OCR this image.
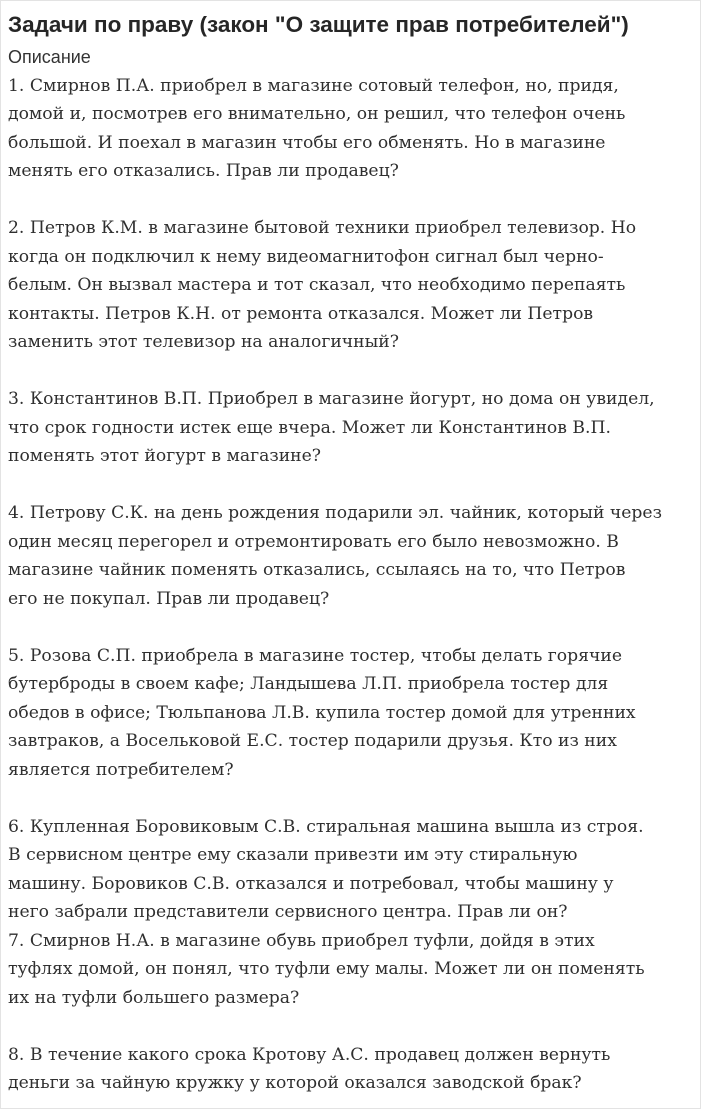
Задачи по праву (закон "О защите прав потребителей")
Описание
1. Смирнов П.А. приобрел в магазине сотовый телефон, но, придя,
домой и, посмотрев его внимательно, он решил, что телефон очень
большой. И поехал в магазин чтобы его обменять. Но в магазине
менять его отказались. Прав ли продавец?
2. Петров К.М. в магазине бытовой техники приобрел телевизор. Но
когда он подключил к нему видеомагнитофон сигнал был черно-
белым. Он вызвал мастера и тот сказал, что необходимо перепаять
контакты. Петров К.Н. от ремонта отказался. Может ли Петров
заменить этот телевизор на аналогичный?
3. Константинов В.П. Приобрел в магазине йогурт, но дома он увидел,
что срок годности истек еще вчера. Может ли Константинов В.П.
поменять этот йогурт в магазине?
4. Петрову С.К. на день рождения подарили эл. чайник, который через
один месяц перегорел и отремонтировать его было невозможно. В
магазине чайник поменять отказались, ссылаясь на то, что Петров
его не покупал. Прав ли продавец?
5. Розова С.П. приобрела в магазине тостер, чтобы делать горячие
бутерброды в своем кафе; Ландышева Л.П. приобрела тостер для
обедов в офисе; Тюльпанова Л.В. купила тостер домой для утренних
завтраков, а Восельковой Е.С. тостер подарили друзья. Кто из них
является потребителем?
6. Купленная Боровиковым С.В. стиральная машина вышла из строя.
В сервисном центре ему сказали привезти им эту стиральную
машину. Боровиков С.В. отказался и потребовал, чтобы машину у
него забрали представители сервисного центра. Прав ли он?
7. Смирнов Н.А. в магазине обувь приобрел туфли, дойдя в этих
туфлях домой, он понял, что туфли ему малы. Может ли он поменять
их на туфли большего размера?
8. В течение какого срока Кротову А.С. продавец должен вернуть
деньги за чайную кружку у которой оказался заводской брак?
